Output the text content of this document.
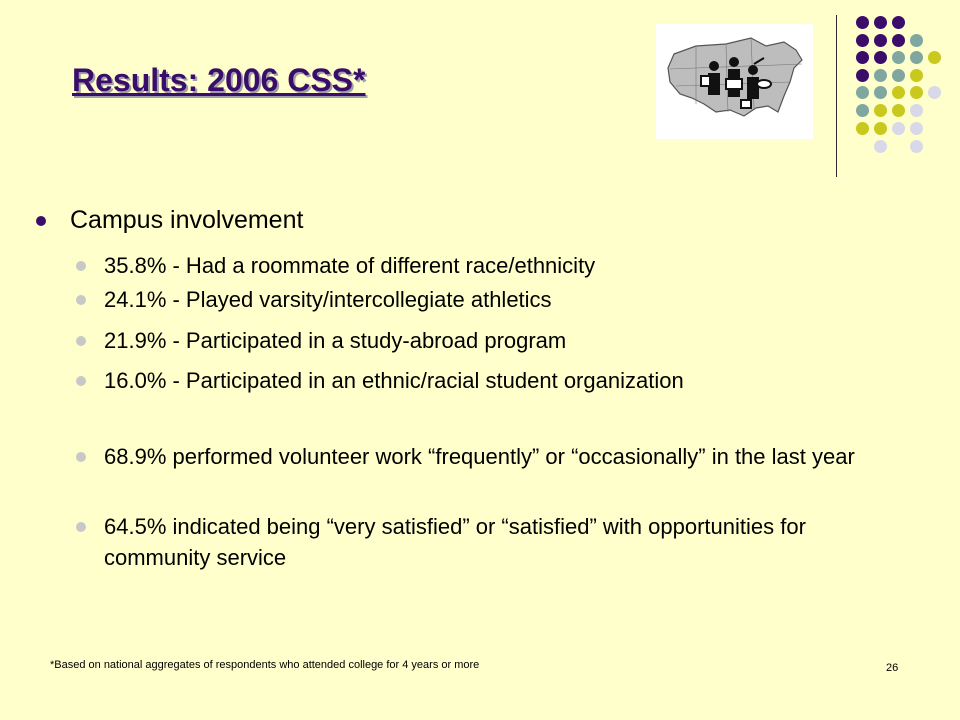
Results: 2006 CSS*
Campus involvement
35.8% - Had a roommate of different race/ethnicity
24.1% - Played varsity/intercollegiate athletics
21.9% - Participated in a study-abroad program
16.0% - Participated in an ethnic/racial student organization
68.9% performed volunteer work “frequently” or “occasionally” in the last year
64.5% indicated being “very satisfied” or “satisfied” with opportunities for community service
*Based on national aggregates of respondents who attended college for 4 years or more	26
